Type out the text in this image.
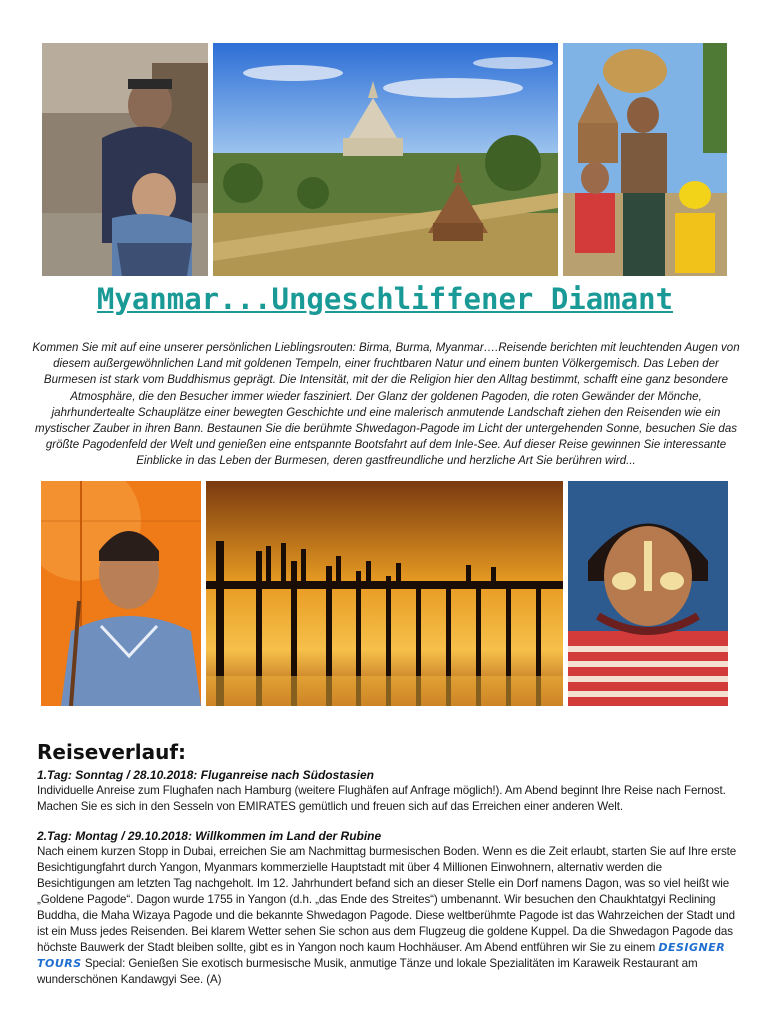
Myanmar...Ungeschliffener Diamant

Kommen Sie mit auf eine unserer persönlichen Lieblingsrouten: Birma, Burma, Myanmar….Reisende berichten mit leuchtenden Augen von diesem außergewöhnlichen Land mit goldenen Tempeln, einer fruchtbaren Natur und einem bunten Völkergemisch. Das Leben der Burmesen ist stark vom Buddhismus geprägt. Die Intensität, mit der die Religion hier den Alltag bestimmt, schafft eine ganz besondere Atmosphäre, die den Besucher immer wieder fasziniert. Der Glanz der goldenen Pagoden, die roten Gewänder der Mönche, jahrhundertealte Schauplätze einer bewegten Geschichte und eine malerisch anmutende Landschaft ziehen den Reisenden wie ein mystischer Zauber in ihren Bann. Bestaunen Sie die berühmte Shwedagon-Pagode im Licht der untergehenden Sonne, besuchen Sie das größte Pagodenfeld der Welt und genießen eine entspannte Bootsfahrt auf dem Inle-See. Auf dieser Reise gewinnen Sie interessante Einblicke in das Leben der Burmesen, deren gastfreundliche und herzliche Art Sie berühren wird...

Reiseverlauf:

1.Tag: Sonntag / 28.10.2018: Fluganreise nach Südostasien

Individuelle Anreise zum Flughafen nach Hamburg (weitere Flughäfen auf Anfrage möglich!). Am Abend beginnt Ihre Reise nach Fernost. Machen Sie es sich in den Sesseln von EMIRATES gemütlich und freuen sich auf das Erreichen einer anderen Welt.

2.Tag: Montag / 29.10.2018: Willkommen im Land der Rubine

Nach einem kurzen Stopp in Dubai, erreichen Sie am Nachmittag burmesischen Boden. Wenn es die Zeit erlaubt, starten Sie auf Ihre erste Besichtigungfahrt durch Yangon, Myanmars kommerzielle Hauptstadt mit über 4 Millionen Einwohnern, alternativ werden die Besichtigungen am letzten Tag nachgeholt. Im 12. Jahrhundert befand sich an dieser Stelle ein Dorf namens Dagon, was so viel heißt wie „Goldene Pagode“. Dagon wurde 1755 in Yangon (d.h. „das Ende des Streites“) umbenannt. Wir besuchen den Chaukhtatgyi Reclining Buddha, die Maha Wizaya Pagode und die bekannte Shwedagon Pagode. Diese weltberühmte Pagode ist das Wahrzeichen der Stadt und ist ein Muss jedes Reisenden. Bei klarem Wetter sehen Sie schon aus dem Flugzeug die goldene Kuppel. Da die Shwedagon Pagode das höchste Bauwerk der Stadt bleiben sollte, gibt es in Yangon noch kaum Hochhäuser. Am Abend entführen wir Sie zu einem DESIGNER TOURS Special: Genießen Sie exotisch burmesische Musik, anmutige Tänze und lokale Spezialitäten im Karaweik Restaurant am wunderschönen Kandawgyi See. (A)
